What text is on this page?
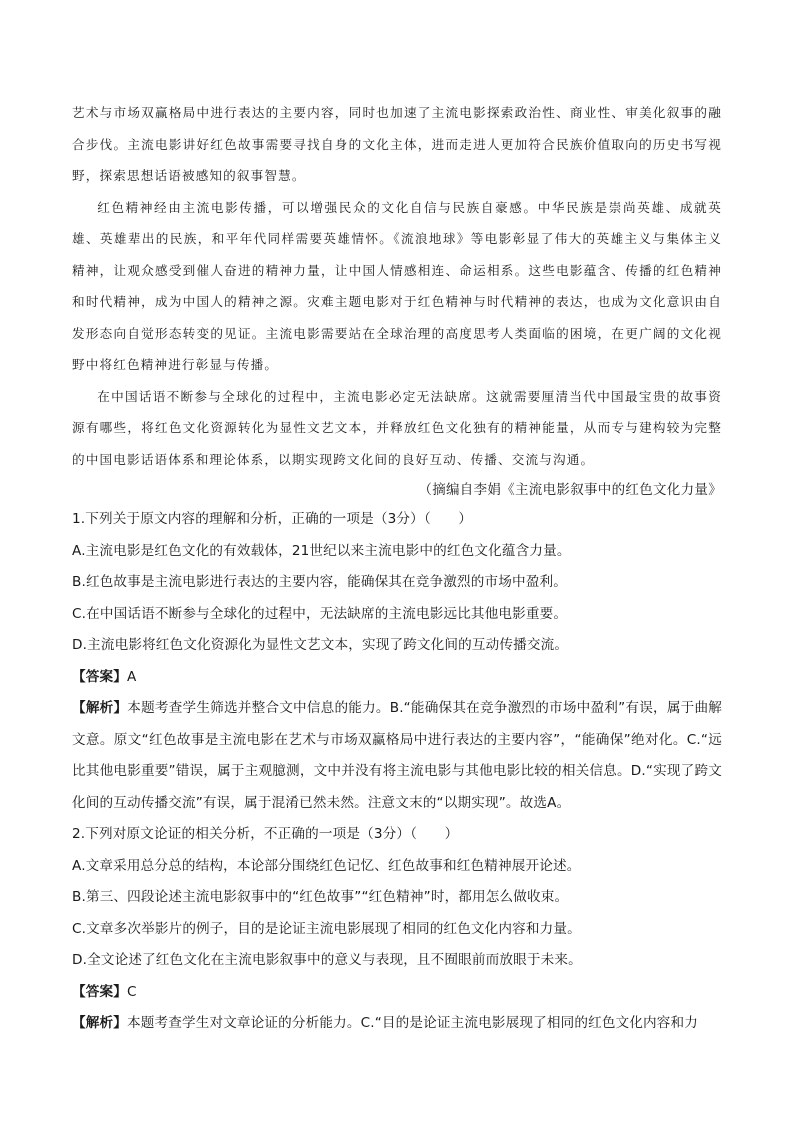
艺术与市场双赢格局中进行表达的主要内容，同时也加速了主流电影探索政治性、商业性、审美化叙事的融合步伐。主流电影讲好红色故事需要寻找自身的文化主体，进而走进人更加符合民族价值取向的历史书写视野，探索思想话语被感知的叙事智慧。

红色精神经由主流电影传播，可以增强民众的文化自信与民族自豪感。中华民族是崇尚英雄、成就英雄、英雄辈出的民族，和平年代同样需要英雄情怀。《流浪地球》等电影彰显了伟大的英雄主义与集体主义精神，让观众感受到催人奋进的精神力量，让中国人情感相连、命运相系。这些电影蕴含、传播的红色精神和时代精神，成为中国人的精神之源。灾难主题电影对于红色精神与时代精神的表达，也成为文化意识由自发形态向自觉形态转变的见证。主流电影需要站在全球治理的高度思考人类面临的困境，在更广阔的文化视野中将红色精神进行彰显与传播。

在中国话语不断参与全球化的过程中，主流电影必定无法缺席。这就需要厘清当代中国最宝贵的故事资源有哪些，将红色文化资源转化为显性文艺文本，并释放红色文化独有的精神能量，从而专与建构较为完整的中国电影话语体系和理论体系，以期实现跨文化间的良好互动、传播、交流与沟通。

（摘编自李娟《主流电影叙事中的红色文化力量》

1.下列关于原文内容的理解和分析，正确的一项是（3分）（　　）

A.主流电影是红色文化的有效载体，21世纪以来主流电影中的红色文化蕴含力量。

B.红色故事是主流电影进行表达的主要内容，能确保其在竞争激烈的市场中盈利。

C.在中国话语不断参与全球化的过程中，无法缺席的主流电影远比其他电影重要。

D.主流电影将红色文化资源化为显性文艺文本，实现了跨文化间的互动传播交流。

【答案】A

【解析】本题考查学生筛选并整合文中信息的能力。B.“能确保其在竞争激烈的市场中盈利”有误，属于曲解文意。原文“红色故事是主流电影在艺术与市场双赢格局中进行表达的主要内容”，“能确保”绝对化。C.“远比其他电影重要”错误，属于主观臆测，文中并没有将主流电影与其他电影比较的相关信息。D.“实现了跨文化间的互动传播交流”有误，属于混淆已然未然。注意文末的“以期实现”。故选A。

2.下列对原文论证的相关分析，不正确的一项是（3分）（　　）

A.文章采用总分总的结构，本论部分围绕红色记忆、红色故事和红色精神展开论述。

B.第三、四段论述主流电影叙事中的“红色故事”“红色精神”时，都用怎么做收束。

C.文章多次举影片的例子，目的是论证主流电影展现了相同的红色文化内容和力量。

D.全文论述了红色文化在主流电影叙事中的意义与表现，且不囿眼前而放眼于未来。

【答案】C

【解析】本题考查学生对文章论证的分析能力。C.“目的是论证主流电影展现了相同的红色文化内容和力
